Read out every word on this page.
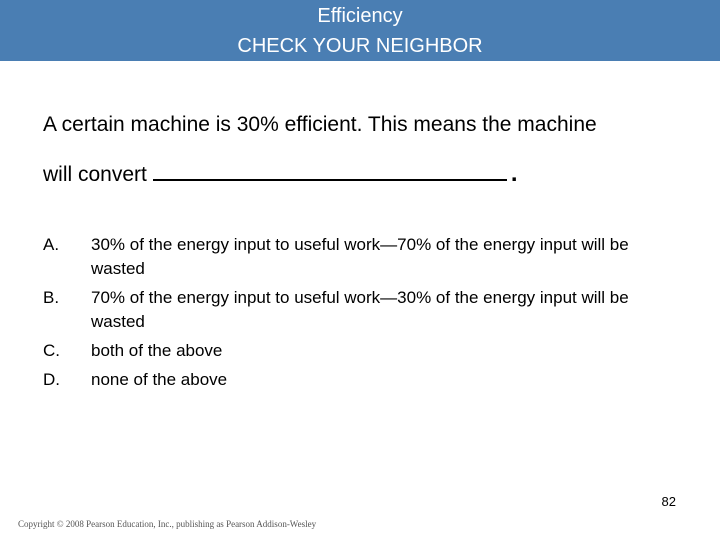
Efficiency
CHECK YOUR NEIGHBOR
A certain machine is 30% efficient. This means the machine
will convert	.
A.	30% of the energy input to useful work—70% of the energy input will be wasted
B.	70% of the energy input to useful work—30% of the energy input will be wasted
C.	both of the above
D.	none of the above
82
Copyright © 2008 Pearson Education, Inc., publishing as Pearson Addison-Wesley
